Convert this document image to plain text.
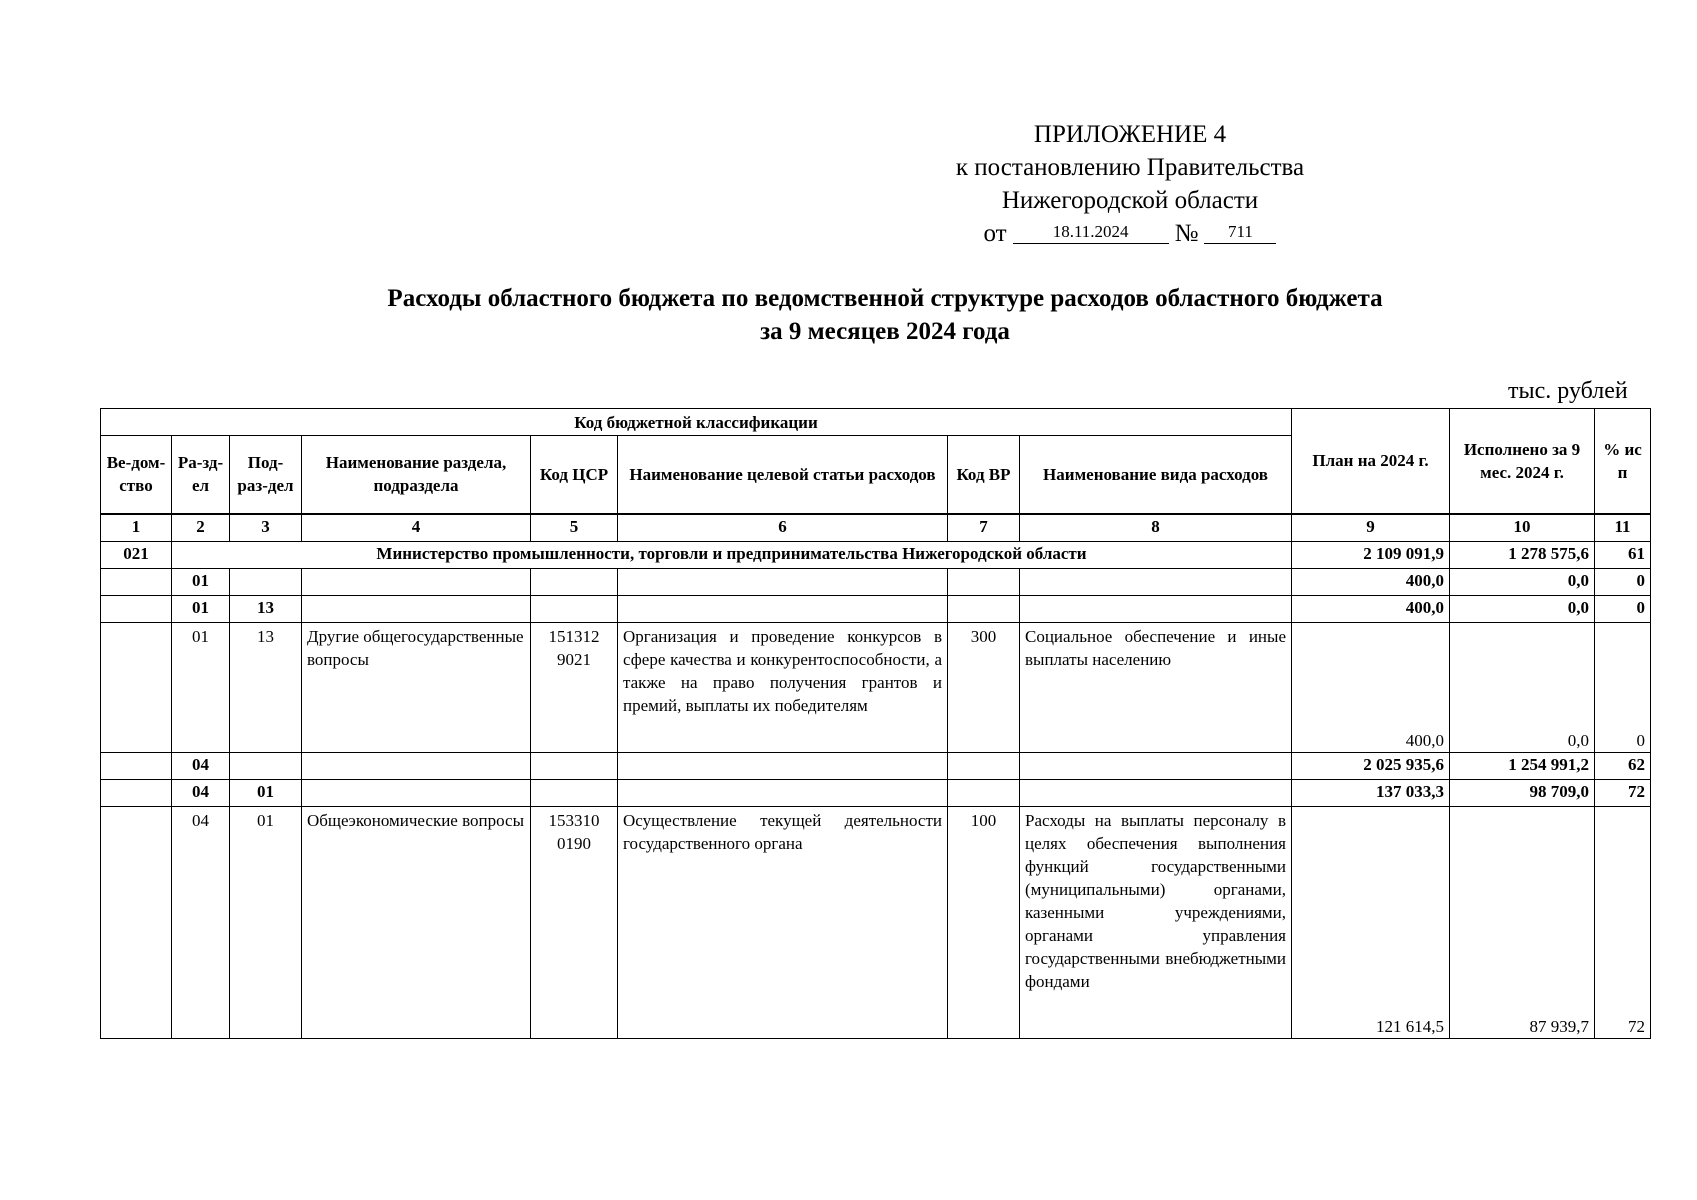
ПРИЛОЖЕНИЕ 4
к постановлению Правительства
Нижегородской области
от	18.11.2024	№	711
Расходы областного бюджета по ведомственной структуре расходов областного бюджета
за 9 месяцев 2024 года
тыс. рублей
Код бюджетной классификации								План на 2024 г.	Исполнено за 9 мес. 2024 г.	% ис п
Ве-дом-ство	Ра-зд-ел	Под-раз-дел	Наименование раздела, подраздела	Код ЦСР	Наименование целевой статьи расходов	Код ВР	Наименование вида расходов			
1	2	3	4	5	6	7	8	9	10	11
021	Министерство промышленности, торговли и предпринимательства Нижегородской области							2 109 091,9	1 278 575,6	61
	01							400,0	0,0	0
	01	13						400,0	0,0	0
	01	13	Другие общегосударственные вопросы	151312 9021	Организация и проведение конкурсов в сфере качества и конкурентоспособности, а также на право получения грантов и премий, выплаты их победителям	300	Социальное обеспечение и иные выплаты населению	400,0	0,0	0
	04							2 025 935,6	1 254 991,2	62
	04	01						137 033,3	98 709,0	72
	04	01	Общеэкономические вопросы	153310 0190	Осуществление текущей деятельности государственного органа	100	Расходы на выплаты персоналу в целях обеспечения выполнения функций государственными (муниципальными) органами, казенными учреждениями, органами управления государственными внебюджетными фондами	121 614,5	87 939,7	72
